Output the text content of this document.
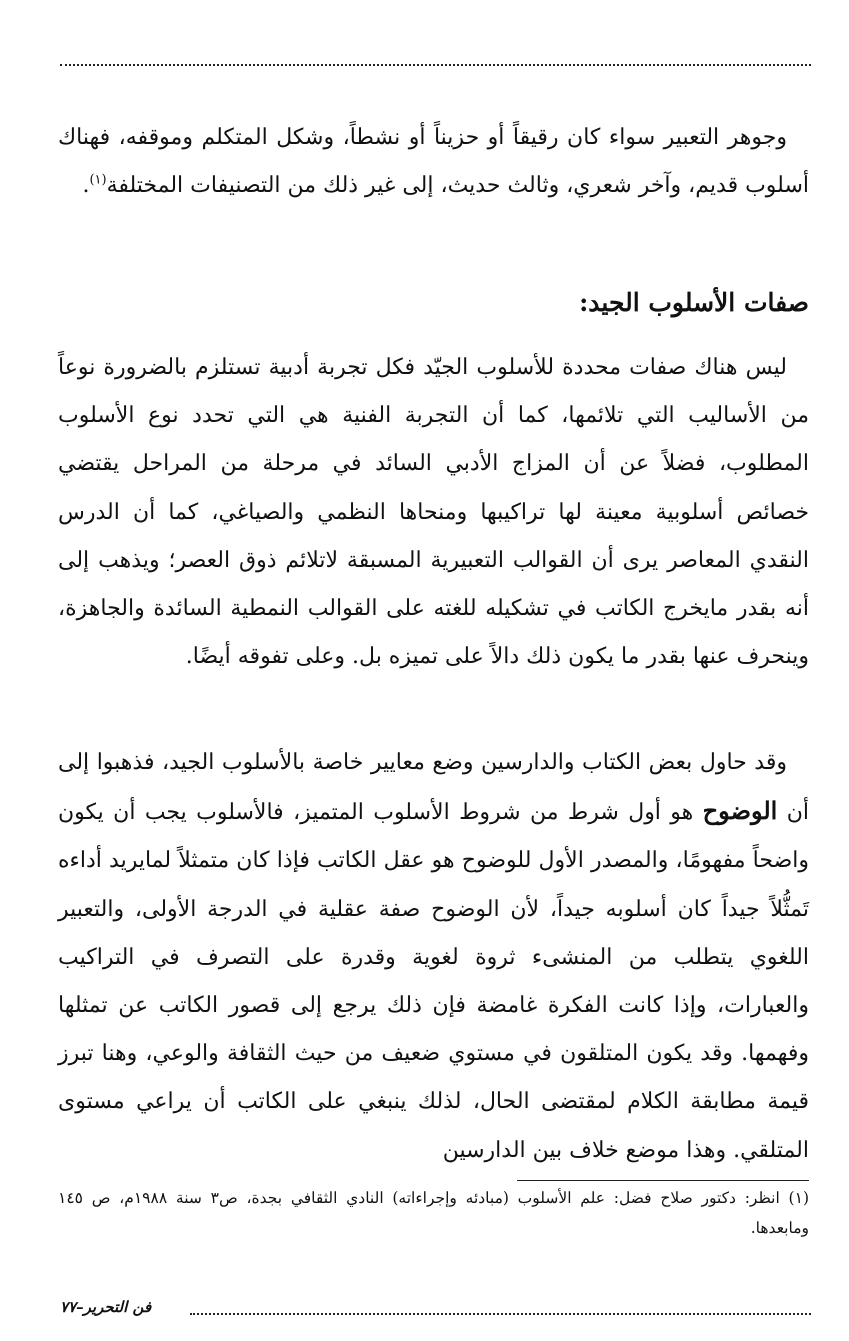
وجوهر التعبير سواء كان رقيقاً أو حزيناً أو نشطاً، وشكل المتكلم وموقفه، فهناك أسلوب قديم، وآخر شعري، وثالث حديث، إلى غير ذلك من التصنيفات المختلفة$^{(١)}$.

صفات الأسلوب الجيد:

ليس هناك صفات محددة للأسلوب الجيّد فكل تجربة أدبية تستلزم بالضرورة نوعاً من الأساليب التي تلائمها، كما أن التجربة الفنية هي التي تحدد نوع الأسلوب المطلوب، فضلاً عن أن المزاج الأدبي السائد في مرحلة من المراحل يقتضي خصائص أسلوبية معينة لها تراكيبها ومنحاها النظمي والصياغي، كما أن الدرس النقدي المعاصر يرى أن القوالب التعبيرية المسبقة لاتلائم ذوق العصر؛ ويذهب إلى أنه بقدر مايخرج الكاتب في تشكيله للغته على القوالب النمطية السائدة والجاهزة، وينحرف عنها بقدر ما يكون ذلك دالاً على تميزه بل. وعلى تفوقه أيضًا.

وقد حاول بعض الكتاب والدارسين وضع معايير خاصة بالأسلوب الجيد، فذهبوا إلى أن الوضوح هو أول شرط من شروط الأسلوب المتميز، فالأسلوب يجب أن يكون واضحاً مفهومًا، والمصدر الأول للوضوح هو عقل الكاتب فإذا كان متمثلاً لمايريد أداءه تَمثُّلاً جيداً كان أسلوبه جيداً، لأن الوضوح صفة عقلية في الدرجة الأولى، والتعبير اللغوي يتطلب من المنشىء ثروة لغوية وقدرة على التصرف في التراكيب والعبارات، وإذا كانت الفكرة غامضة فإن ذلك يرجع إلى قصور الكاتب عن تمثلها وفهمها. وقد يكون المتلقون في مستوي ضعيف من حيث الثقافة والوعي، وهنا تبرز قيمة مطابقة الكلام لمقتضى الحال، لذلك ينبغي على الكاتب أن يراعي مستوى المتلقي. وهذا موضع خلاف بين الدارسين

(١) انظر: دكتور صلاح فضل: علم الأسلوب (مبادئه وإجراءاته) النادي الثقافي بجدة، ص٣ سنة ١٩٨٨م، ص ١٤٥ ومابعدها.

فن التحرير–٧٧
